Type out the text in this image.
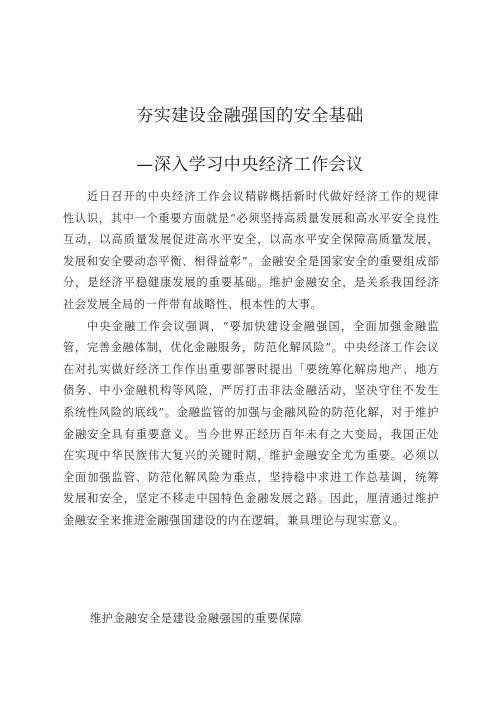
夯实建设金融强国的安全基础
—深入学习中央经济工作会议

近日召开的中央经济工作会议精辟概括新时代做好经济工作的规律性认识，其中一个重要方面就是“必须坚持高质量发展和高水平安全良性互动，以高质量发展促进高水平安全，以高水平安全保障高质量发展，发展和安全要动态平衡、相得益彰”。金融安全是国家安全的重要组成部分，是经济平稳健康发展的重要基础。维护金融安全，是关系我国经济社会发展全局的一件带有战略性、根本性的大事。

中央金融工作会议强调，“要加快建设金融强国，全面加强金融监管，完善金融体制，优化金融服务，防范化解风险”。中央经济工作会议在对扎实做好经济工作作出重要部署时提出「要统筹化解房地产、地方债务、中小金融机构等风险，严厉打击非法金融活动，坚决守住不发生系统性风险的底线”。金融监管的加强与金融风险的防范化解，对于维护金融安全具有重要意义。当今世界正经历百年未有之大变局，我国正处在实现中华民族伟大复兴的关键时期，维护金融安全尤为重要。必须以全面加强监管、防范化解风险为重点，坚持稳中求进工作总基调，统筹发展和安全，坚定不移走中国特色金融发展之路。因此，厘清通过维护金融安全来推进金融强国建设的内在逻辑，兼具理论与现实意义。

维护金融安全是建设金融强国的重要保障
